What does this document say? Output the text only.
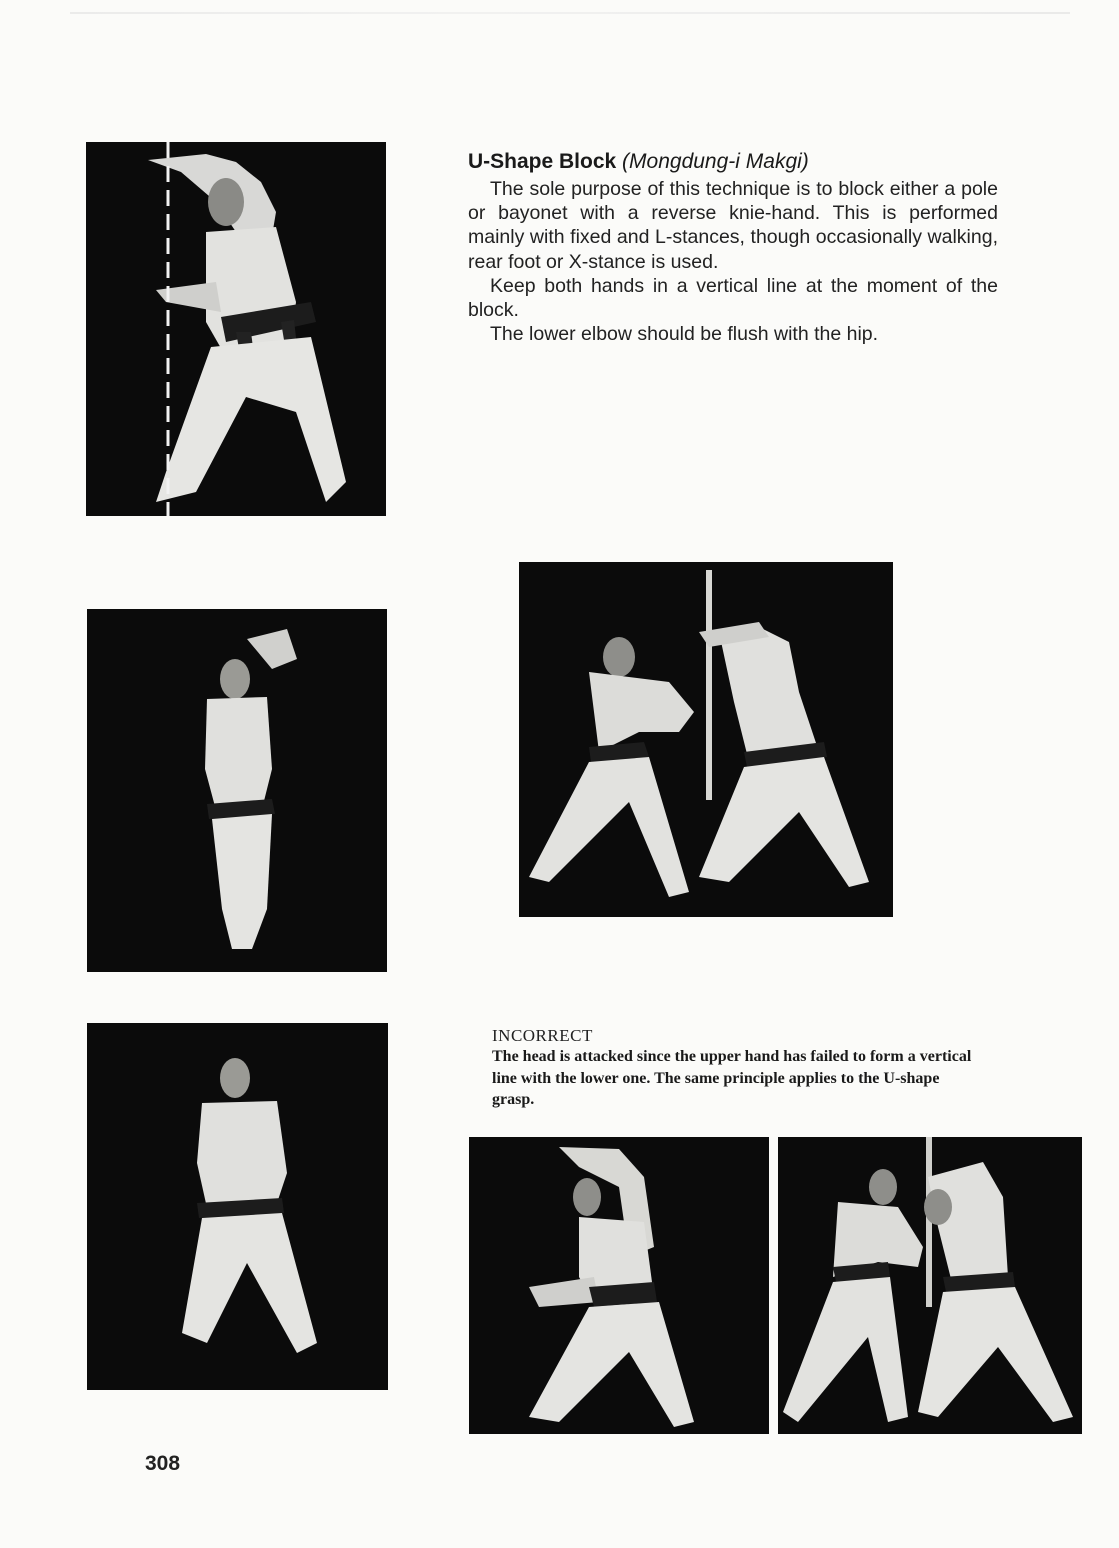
INCORRECT
The head is attacked since the upper hand has failed to form a vertical line with the lower one. The same principle applies to the U-shape grasp.
U-Shape Block (Mongdung-i Makgi)

The sole purpose of this technique is to block either a pole or bayonet with a reverse knie-hand. This is performed mainly with fixed and L-stances, though occasionally walking, rear foot or X-stance is used.

Keep both hands in a vertical line at the moment of the block.

The lower elbow should be flush with the hip.

308
